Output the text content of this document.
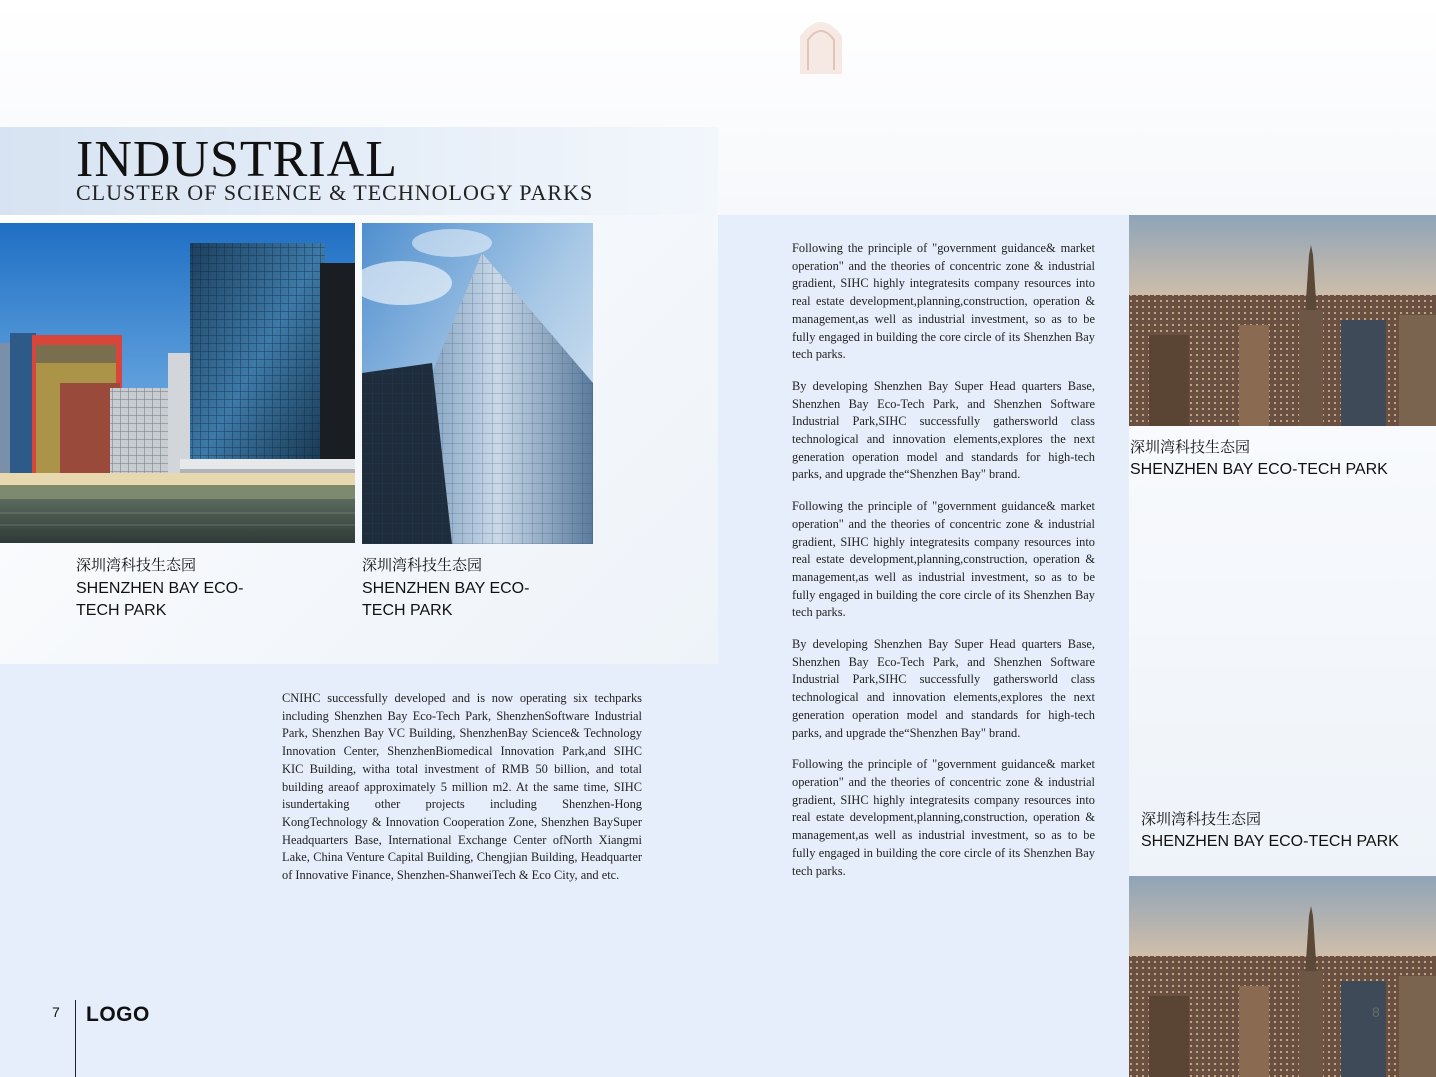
INDUSTRIAL
CLUSTER OF SCIENCE & TECHNOLOGY PARKS
深圳湾科技生态园
SHENZHEN BAY ECO-TECH PARK
深圳湾科技生态园
SHENZHEN BAY ECO-TECH PARK
深圳湾科技生态园
SHENZHEN BAY ECO-TECH PARK
深圳湾科技生态园
SHENZHEN BAY ECO-TECH PARK

Following the principle of "government guidance& market operation" and the theories of concentric zone & industrial gradient, SIHC highly integratesits company resources into real estate development,planning,construction, operation & management,as well as industrial investment, so as to be fully engaged in building the core circle of its Shenzhen Bay tech parks.

By developing Shenzhen Bay Super Head quarters Base, Shenzhen Bay Eco-Tech Park, and Shenzhen Software Industrial Park,SIHC successfully gathersworld class technological and innovation elements,explores the next generation operation model and standards for high-tech parks, and upgrade the“Shenzhen Bay" brand.

Following the principle of "government guidance& market operation" and the theories of concentric zone & industrial gradient, SIHC highly integratesits company resources into real estate development,planning,construction, operation & management,as well as industrial investment, so as to be fully engaged in building the core circle of its Shenzhen Bay tech parks.

By developing Shenzhen Bay Super Head quarters Base, Shenzhen Bay Eco-Tech Park, and Shenzhen Software Industrial Park,SIHC successfully gathersworld class technological and innovation elements,explores the next generation operation model and standards for high-tech parks, and upgrade the“Shenzhen Bay" brand.

Following the principle of "government guidance& market operation" and the theories of concentric zone & industrial gradient, SIHC highly integratesits company resources into real estate development,planning,construction, operation & management,as well as industrial investment, so as to be fully engaged in building the core circle of its Shenzhen Bay tech parks.

CNIHC successfully developed and is now operating six techparks including Shenzhen Bay Eco-Tech Park, ShenzhenSoftware Industrial Park, Shenzhen Bay VC Building, ShenzhenBay Science& Technology Innovation Center, ShenzhenBiomedical Innovation Park,and SIHC KIC Building, witha total investment of RMB 50 billion, and total building areaof approximately 5 million m2. At the same time, SIHC isundertaking other projects including Shenzhen-Hong KongTechnology & Innovation Cooperation Zone, Shenzhen BaySuper Headquarters Base, International Exchange Center ofNorth Xiangmi Lake, China Venture Capital Building, Chengjian Building, Headquarter of Innovative Finance, Shenzhen-ShanweiTech & Eco City, and etc.
7 LOGO	8
